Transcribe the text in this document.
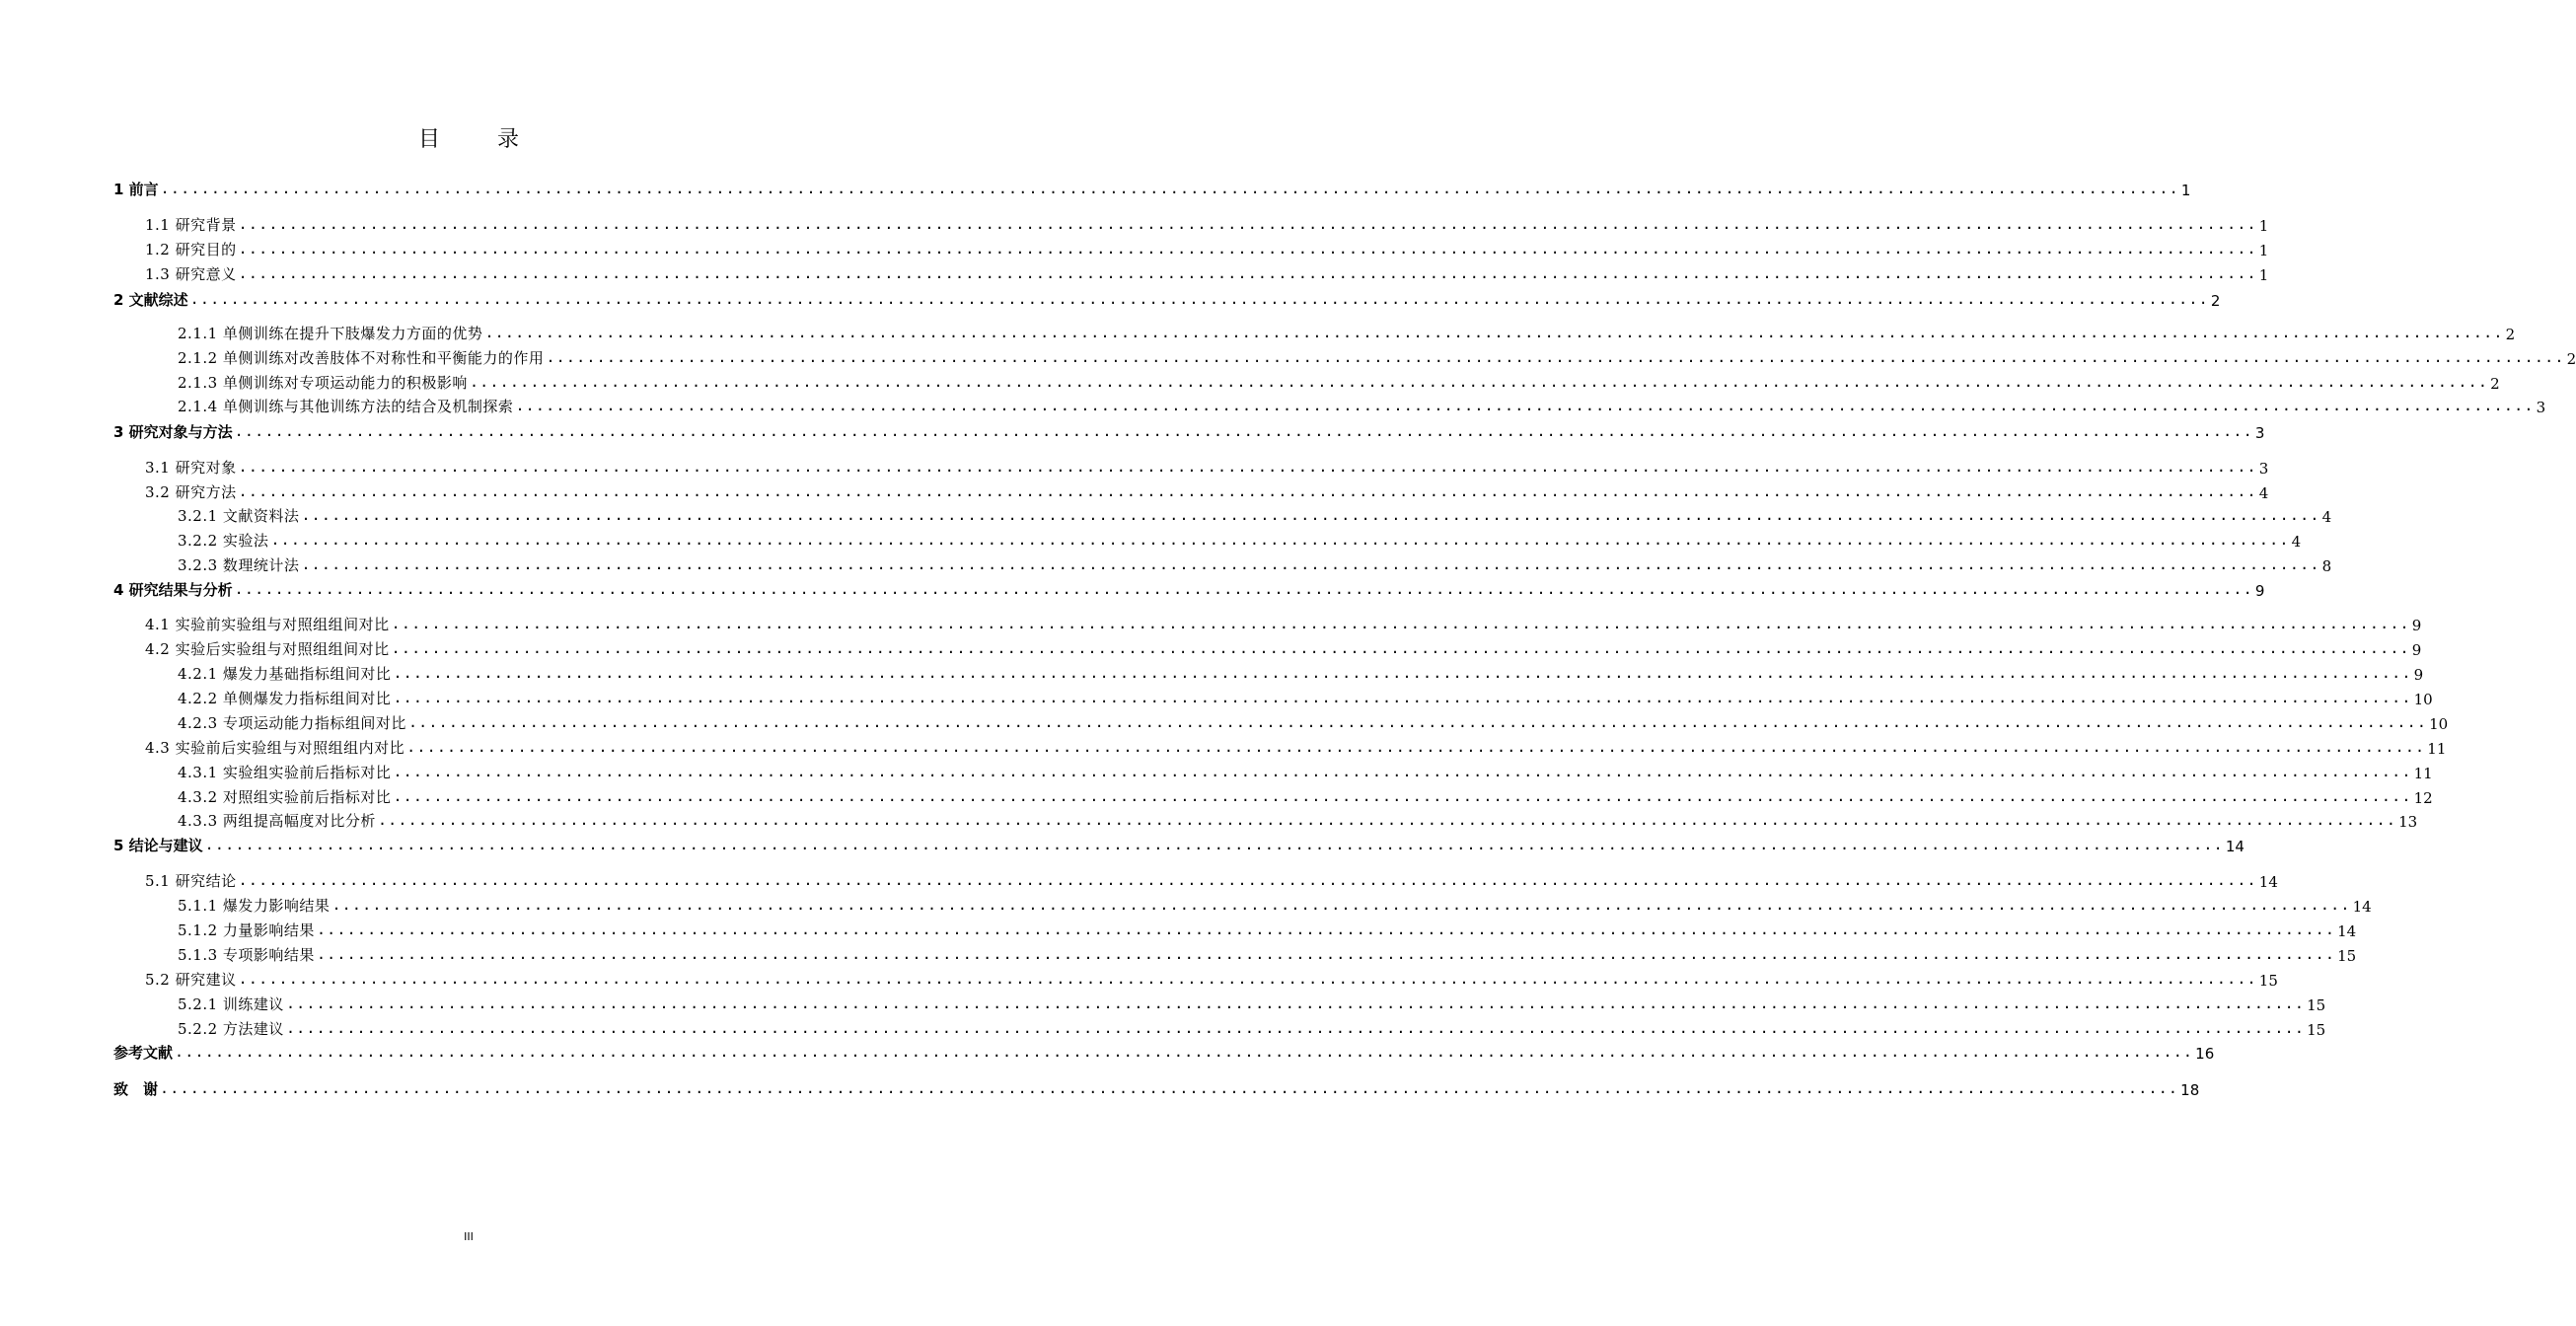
目　录
1 前言 ........................................................................................................................................................................................................ 1
1.1 研究背景 ........................................................................................................................................................................................................ 1
1.2 研究目的 ........................................................................................................................................................................................................ 1
1.3 研究意义 ........................................................................................................................................................................................................ 1
2 文献综述 ........................................................................................................................................................................................................ 2
2.1.1 单侧训练在提升下肢爆发力方面的优势 ........................................................................................................................................................................................................ 2
2.1.2 单侧训练对改善肢体不对称性和平衡能力的作用 ........................................................................................................................................................................................................ 2
2.1.3 单侧训练对专项运动能力的积极影响 ........................................................................................................................................................................................................ 2
2.1.4 单侧训练与其他训练方法的结合及机制探索 ........................................................................................................................................................................................................ 3
3 研究对象与方法 ........................................................................................................................................................................................................ 3
3.1 研究对象 ........................................................................................................................................................................................................ 3
3.2 研究方法 ........................................................................................................................................................................................................ 4
3.2.1 文献资料法 ........................................................................................................................................................................................................ 4
3.2.2 实验法 ........................................................................................................................................................................................................ 4
3.2.3 数理统计法 ........................................................................................................................................................................................................ 8
4 研究结果与分析 ........................................................................................................................................................................................................ 9
4.1 实验前实验组与对照组组间对比 ........................................................................................................................................................................................................ 9
4.2 实验后实验组与对照组组间对比 ........................................................................................................................................................................................................ 9
4.2.1 爆发力基础指标组间对比 ........................................................................................................................................................................................................ 9
4.2.2 单侧爆发力指标组间对比 ........................................................................................................................................................................................................ 10
4.2.3 专项运动能力指标组间对比 ........................................................................................................................................................................................................ 10
4.3 实验前后实验组与对照组组内对比 ........................................................................................................................................................................................................ 11
4.3.1 实验组实验前后指标对比 ........................................................................................................................................................................................................ 11
4.3.2 对照组实验前后指标对比 ........................................................................................................................................................................................................ 12
4.3.3 两组提高幅度对比分析 ........................................................................................................................................................................................................ 13
5 结论与建议 ........................................................................................................................................................................................................ 14
5.1 研究结论 ........................................................................................................................................................................................................ 14
5.1.1 爆发力影响结果 ........................................................................................................................................................................................................ 14
5.1.2 力量影响结果 ........................................................................................................................................................................................................ 14
5.1.3 专项影响结果 ........................................................................................................................................................................................................ 15
5.2 研究建议 ........................................................................................................................................................................................................ 15
5.2.1 训练建议 ........................................................................................................................................................................................................ 15
5.2.2 方法建议 ........................................................................................................................................................................................................ 15
参考文献 ........................................................................................................................................................................................................ 16
致　谢 ........................................................................................................................................................................................................ 18
III
